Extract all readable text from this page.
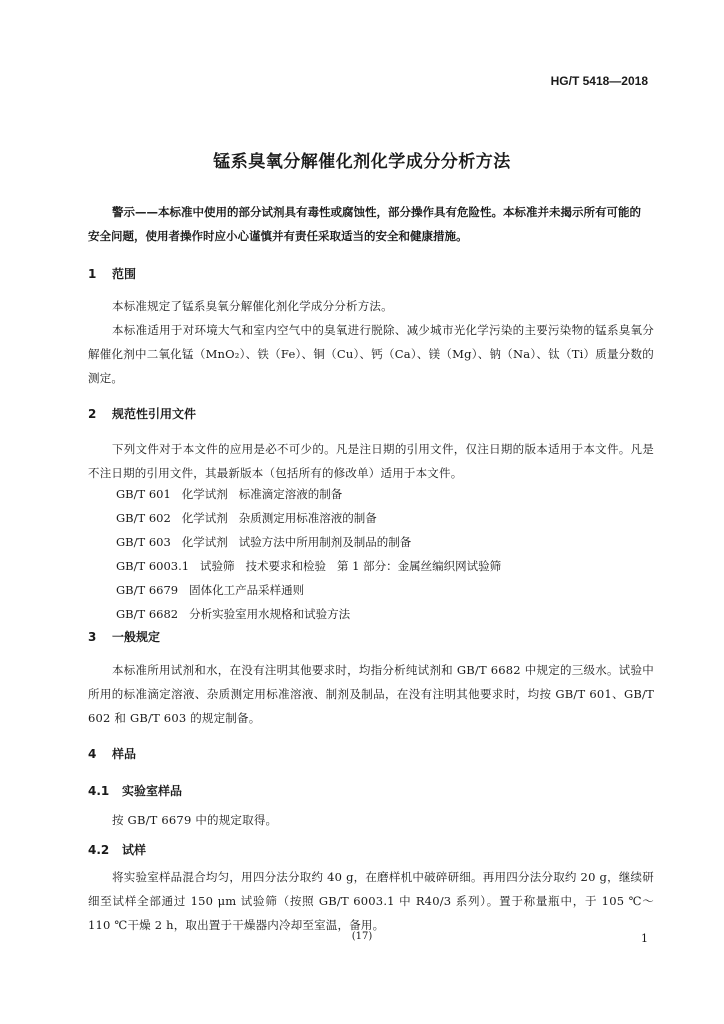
HG/T 5418—2018
锰系臭氧分解催化剂化学成分分析方法
警示——本标准中使用的部分试剂具有毒性或腐蚀性，部分操作具有危险性。本标准并未揭示所有可能的安全问题，使用者操作时应小心谨慎并有责任采取适当的安全和健康措施。
1 范围
本标准规定了锰系臭氧分解催化剂化学成分分析方法。
本标准适用于对环境大气和室内空气中的臭氧进行脱除、减少城市光化学污染的主要污染物的锰系臭氧分解催化剂中二氧化锰（MnO₂）、铁（Fe）、铜（Cu）、钙（Ca）、镁（Mg）、钠（Na）、钛（Ti）质量分数的测定。
2 规范性引用文件
下列文件对于本文件的应用是必不可少的。凡是注日期的引用文件，仅注日期的版本适用于本文件。凡是不注日期的引用文件，其最新版本（包括所有的修改单）适用于本文件。
GB/T 601   化学试剂   标准滴定溶液的制备
GB/T 602   化学试剂   杂质测定用标准溶液的制备
GB/T 603   化学试剂   试验方法中所用制剂及制品的制备
GB/T 6003.1   试验筛   技术要求和检验   第 1 部分：金属丝编织网试验筛
GB/T 6679   固体化工产品采样通则
GB/T 6682   分析实验室用水规格和试验方法
3 一般规定
本标准所用试剂和水，在没有注明其他要求时，均指分析纯试剂和 GB/T 6682 中规定的三级水。试验中所用的标准滴定溶液、杂质测定用标准溶液、制剂及制品，在没有注明其他要求时，均按 GB/T 601、GB/T 602 和 GB/T 603 的规定制备。
4 样品
4.1 实验室样品
按 GB/T 6679 中的规定取得。
4.2 试样
将实验室样品混合均匀，用四分法分取约 40 g，在磨样机中破碎研细。再用四分法分取约 20 g，继续研细至试样全部通过 150 μm 试验筛（按照 GB/T 6003.1 中 R40/3 系列）。置于称量瓶中，于 105 ℃～110 ℃干燥 2 h，取出置于干燥器内冷却至室温，备用。
(17)	1
